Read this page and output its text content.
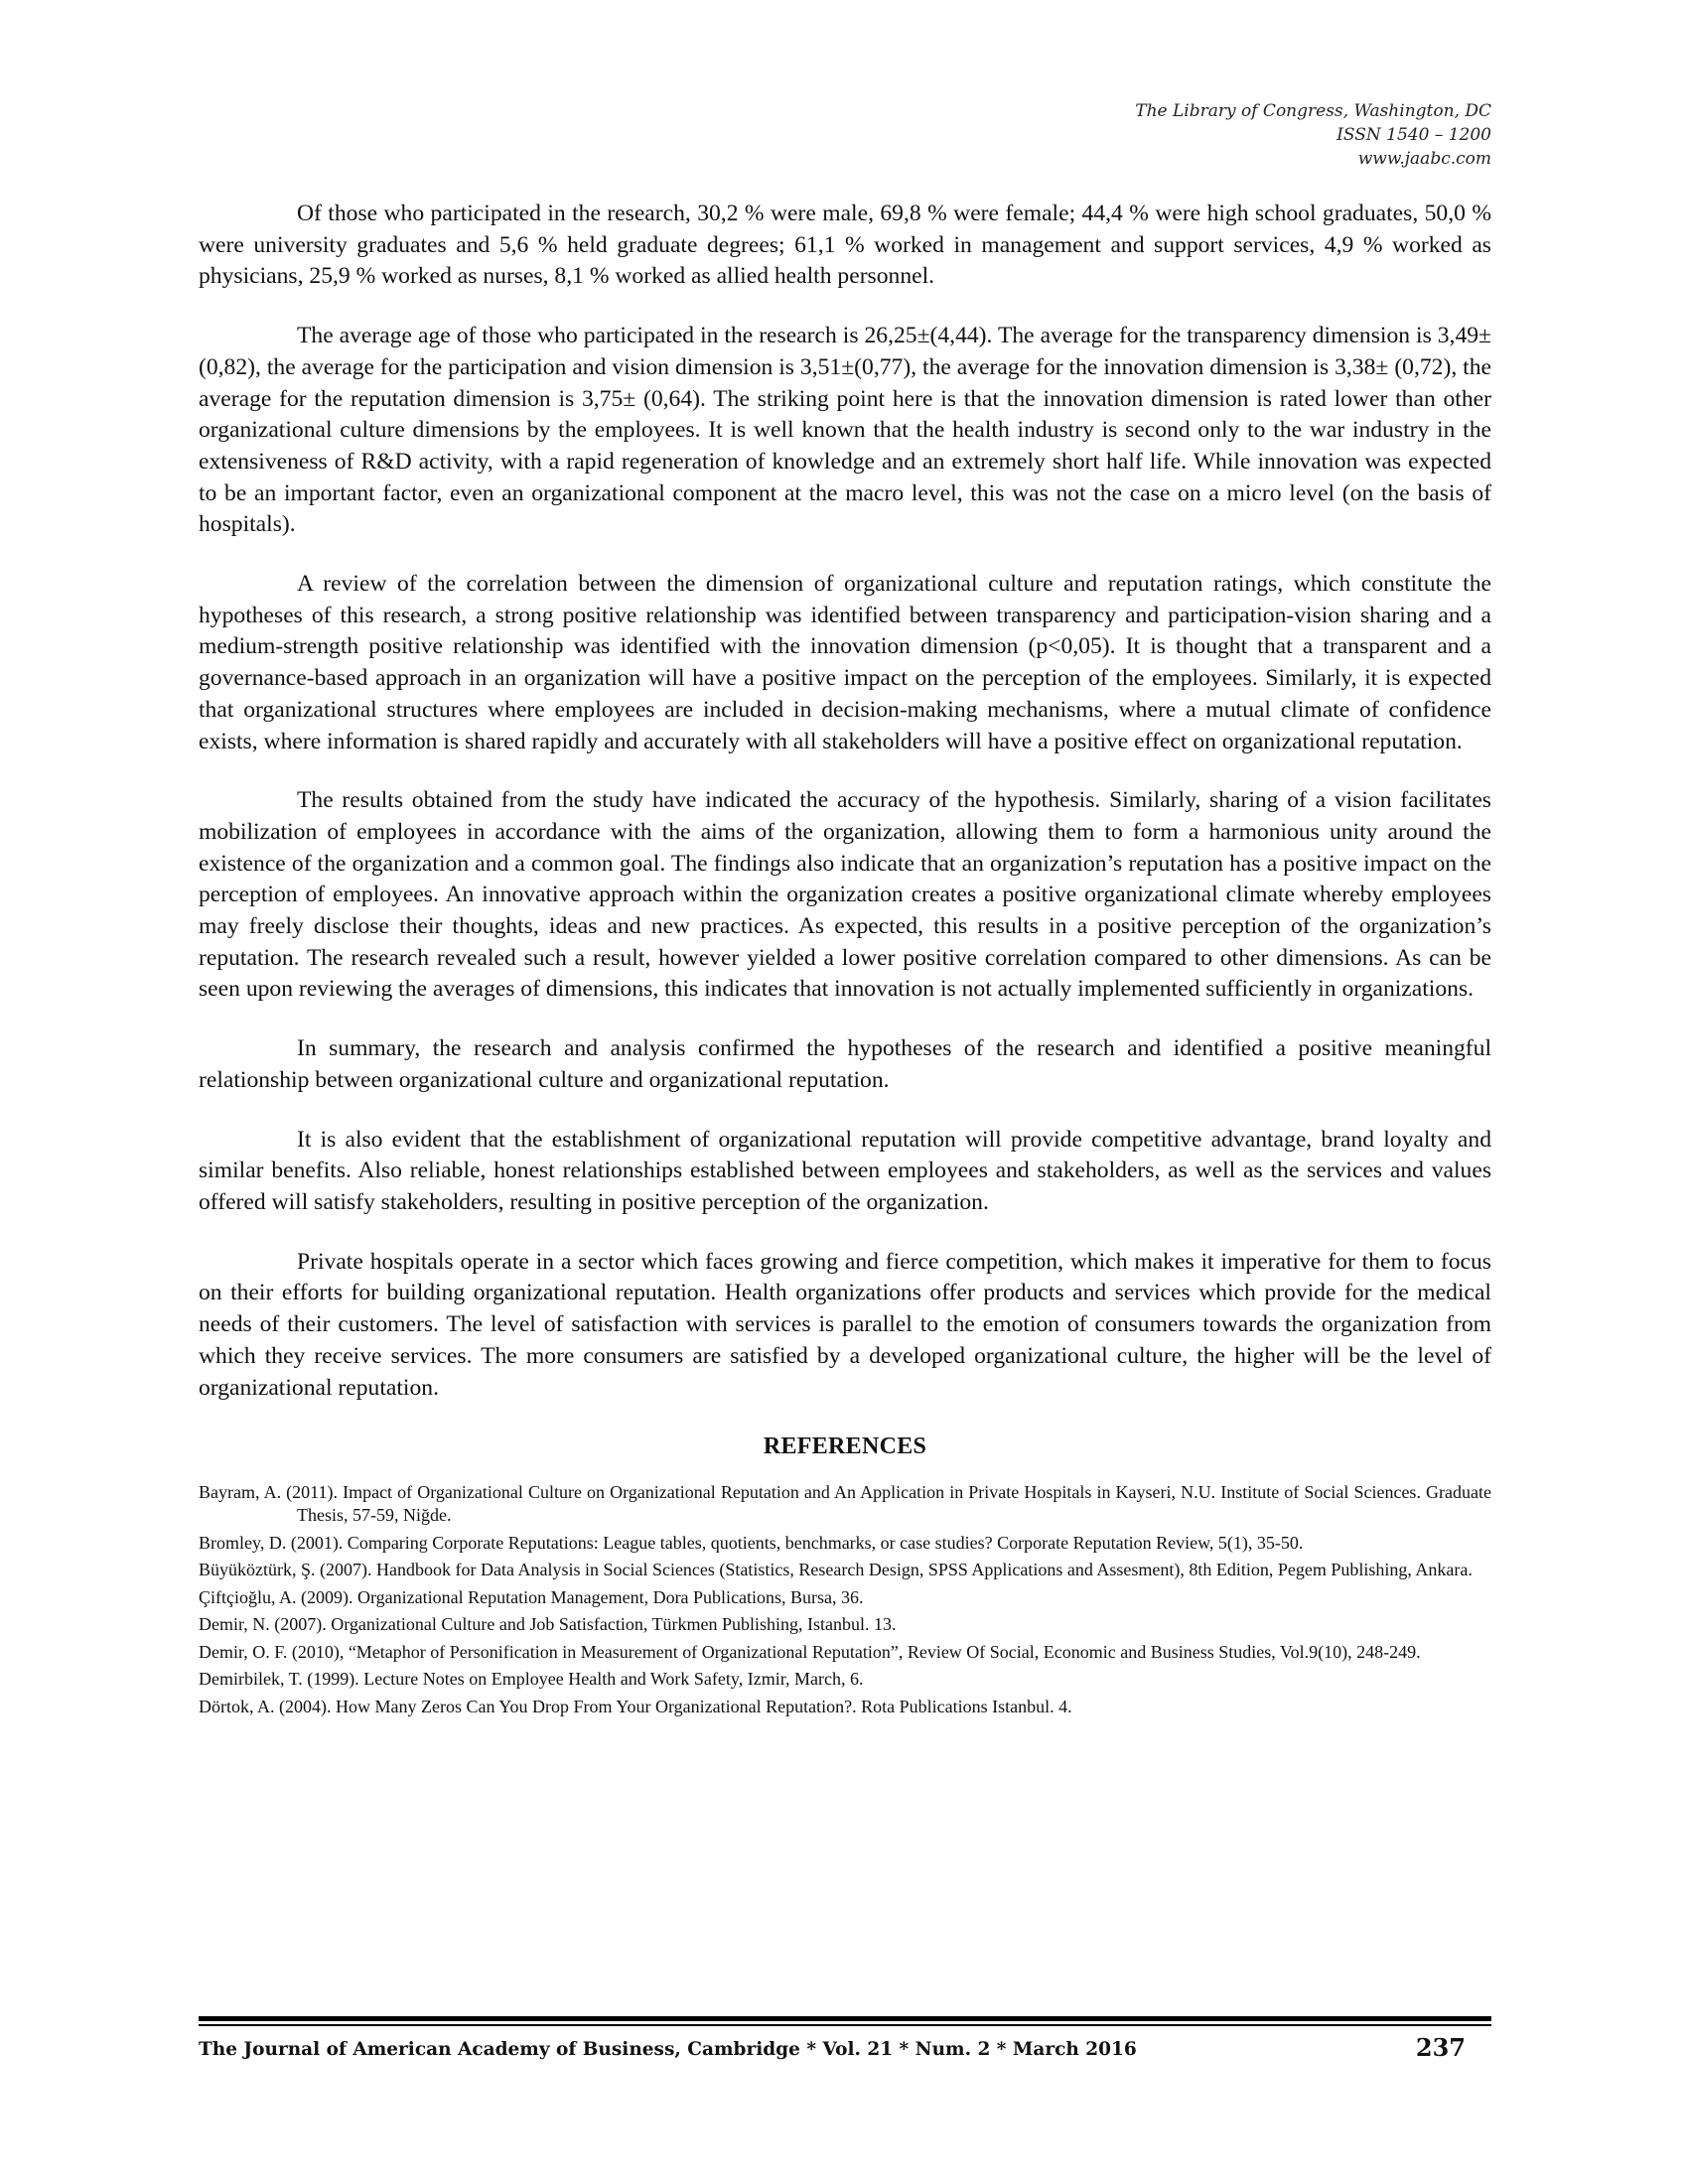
The Library of Congress, Washington, DC
ISSN 1540 – 1200
www.jaabc.com

Of those who participated in the research, 30,2 % were male, 69,8 % were female; 44,4 % were high school graduates, 50,0 % were university graduates and 5,6 % held graduate degrees; 61,1 % worked in management and support services, 4,9 % worked as physicians, 25,9 % worked as nurses, 8,1 % worked as allied health personnel.

The average age of those who participated in the research is 26,25±(4,44). The average for the transparency dimension is 3,49±(0,82), the average for the participation and vision dimension is 3,51±(0,77), the average for the innovation dimension is 3,38± (0,72), the average for the reputation dimension is 3,75± (0,64). The striking point here is that the innovation dimension is rated lower than other organizational culture dimensions by the employees. It is well known that the health industry is second only to the war industry in the extensiveness of R&D activity, with a rapid regeneration of knowledge and an extremely short half life. While innovation was expected to be an important factor, even an organizational component at the macro level, this was not the case on a micro level (on the basis of hospitals).

A review of the correlation between the dimension of organizational culture and reputation ratings, which constitute the hypotheses of this research, a strong positive relationship was identified between transparency and participation-vision sharing and a medium-strength positive relationship was identified with the innovation dimension (p<0,05). It is thought that a transparent and a governance-based approach in an organization will have a positive impact on the perception of the employees. Similarly, it is expected that organizational structures where employees are included in decision-making mechanisms, where a mutual climate of confidence exists, where information is shared rapidly and accurately with all stakeholders will have a positive effect on organizational reputation.

The results obtained from the study have indicated the accuracy of the hypothesis. Similarly, sharing of a vision facilitates mobilization of employees in accordance with the aims of the organization, allowing them to form a harmonious unity around the existence of the organization and a common goal. The findings also indicate that an organization’s reputation has a positive impact on the perception of employees. An innovative approach within the organization creates a positive organizational climate whereby employees may freely disclose their thoughts, ideas and new practices. As expected, this results in a positive perception of the organization’s reputation. The research revealed such a result, however yielded a lower positive correlation compared to other dimensions. As can be seen upon reviewing the averages of dimensions, this indicates that innovation is not actually implemented sufficiently in organizations.

In summary, the research and analysis confirmed the hypotheses of the research and identified a positive meaningful relationship between organizational culture and organizational reputation.

It is also evident that the establishment of organizational reputation will provide competitive advantage, brand loyalty and similar benefits. Also reliable, honest relationships established between employees and stakeholders, as well as the services and values offered will satisfy stakeholders, resulting in positive perception of the organization.

Private hospitals operate in a sector which faces growing and fierce competition, which makes it imperative for them to focus on their efforts for building organizational reputation. Health organizations offer products and services which provide for the medical needs of their customers. The level of satisfaction with services is parallel to the emotion of consumers towards the organization from which they receive services. The more consumers are satisfied by a developed organizational culture, the higher will be the level of organizational reputation.

REFERENCES
Bayram, A. (2011). Impact of Organizational Culture on Organizational Reputation and An Application in Private Hospitals in Kayseri, N.U. Institute of Social Sciences. Graduate Thesis, 57-59, Niğde.
Bromley, D. (2001). Comparing Corporate Reputations: League tables, quotients, benchmarks, or case studies? Corporate Reputation Review, 5(1), 35-50.
Büyüköztürk, Ş. (2007). Handbook for Data Analysis in Social Sciences (Statistics, Research Design, SPSS Applications and Assesment), 8th Edition, Pegem Publishing, Ankara.
Çiftçioğlu, A. (2009). Organizational Reputation Management, Dora Publications, Bursa, 36.
Demir, N. (2007). Organizational Culture and Job Satisfaction, Türkmen Publishing, Istanbul. 13.
Demir, O. F. (2010), “Metaphor of Personification in Measurement of Organizational Reputation”, Review Of Social, Economic and Business Studies, Vol.9(10), 248-249.
Demirbilek, T. (1999). Lecture Notes on Employee Health and Work Safety, Izmir, March, 6.
Dörtok, A. (2004). How Many Zeros Can You Drop From Your Organizational Reputation?. Rota Publications Istanbul. 4.
The Journal of American Academy of Business, Cambridge * Vol. 21 * Num. 2 * March 2016	237
